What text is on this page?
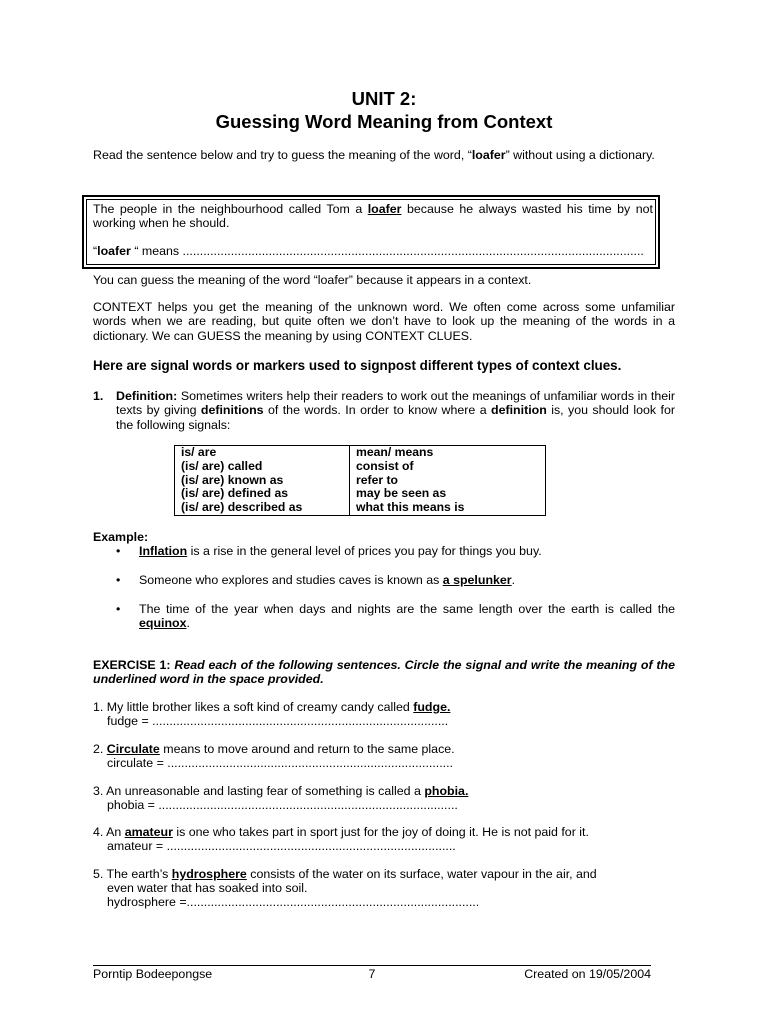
UNIT 2:
Guessing Word Meaning from Context
Read the sentence below and try to guess the meaning of the word, “loafer” without using a dictionary.
The people in the neighbourhood called Tom a loafer because he always wasted his time by not working when he should.
“loafer “ means ......................................................................................................................................
You can guess the meaning of the word “loafer” because it appears in a context.
CONTEXT helps you get the meaning of the unknown word. We often come across some unfamiliar words when we are reading, but quite often we don’t have to look up the meaning of the words in a dictionary. We can GUESS the meaning by using CONTEXT CLUES.
Here are signal words or markers used to signpost different types of context clues.
1. Definition: Sometimes writers help their readers to work out the meanings of unfamiliar words in their texts by giving definitions of the words. In order to know where a definition is, you should look for the following signals:
is/ are	mean/ means
(is/ are) called	consist of
(is/ are) known as	refer to
(is/ are) defined as	may be seen as
(is/ are) described as	what this means is
Example:
•	Inflation is a rise in the general level of prices you pay for things you buy.
•	Someone who explores and studies caves is known as a spelunker.
•	The time of the year when days and nights are the same length over the earth is called the equinox.
EXERCISE 1: Read each of the following sentences. Circle the signal and write the meaning of the underlined word in the space provided.
1. My little brother likes a soft kind of creamy candy called fudge.
fudge = ......................................................................................
2. Circulate means to move around and return to the same place.
circulate = ...................................................................................
3. An unreasonable and lasting fear of something is called a phobia.
phobia = .......................................................................................
4. An amateur is one who takes part in sport just for the joy of doing it. He is not paid for it.
amateur = ....................................................................................
5. The earth’s hydrosphere consists of the water on its surface, water vapour in the air, and
even water that has soaked into soil.
hydrosphere =.....................................................................................
Porntip Bodeepongse	7	Created on 19/05/2004
